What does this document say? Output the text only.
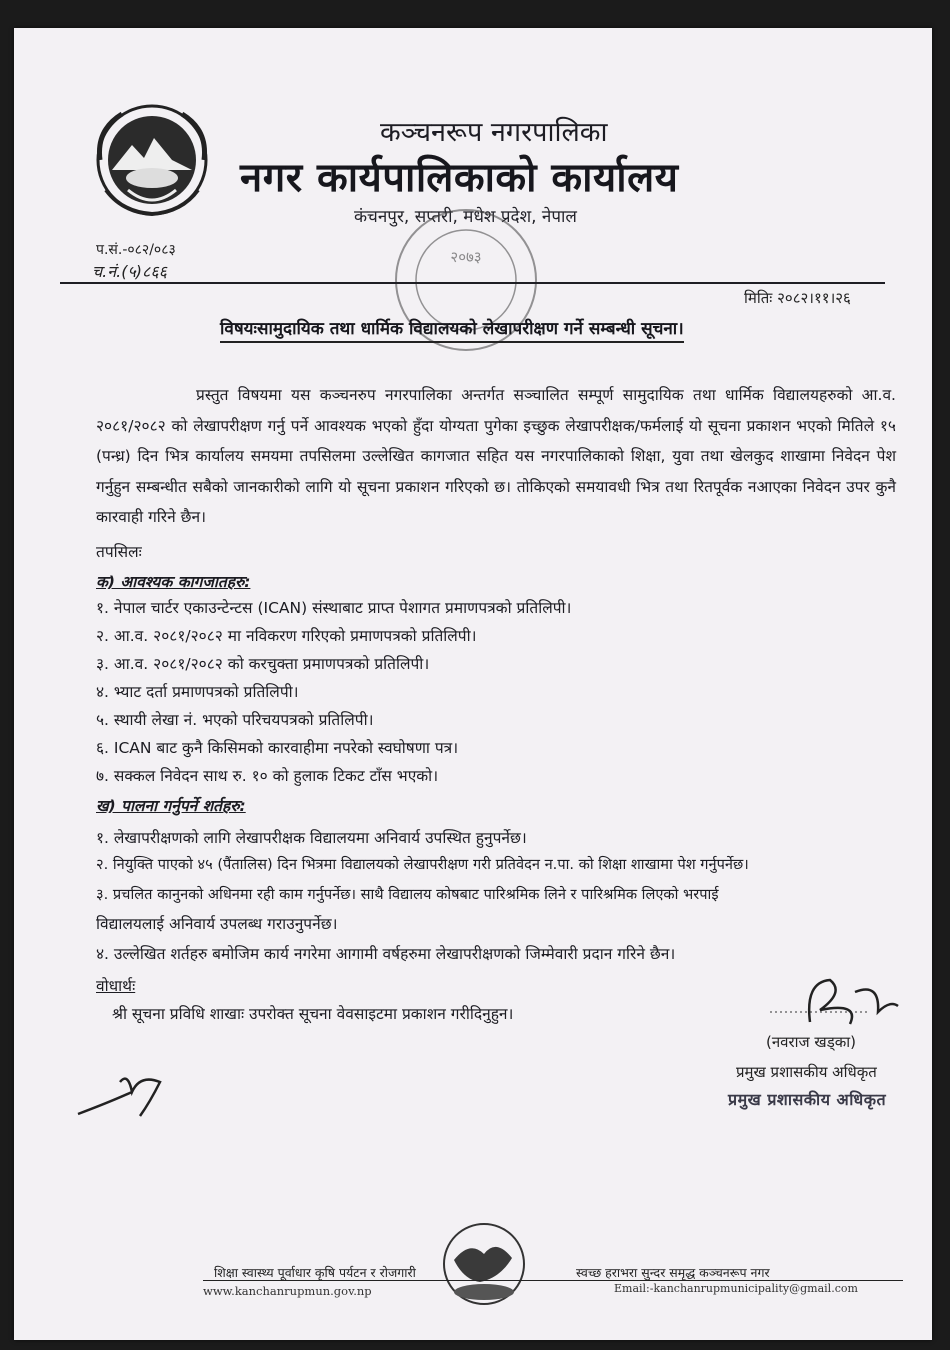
कञ्चनरूप नगरपालिका
नगर कार्यपालिकाको कार्यालय
कंचनपुर, सप्तरी, मधेश प्रदेश, नेपाल
२०७३
प.सं.-०८२/०८३
च.नं.(५)८६६
मितिः २०८२।११।२६
विषयःसामुदायिक तथा धार्मिक विद्यालयको लेखापरीक्षण गर्ने सम्बन्धी सूचना।

प्रस्तुत विषयमा यस कञ्चनरुप नगरपालिका अन्तर्गत सञ्चालित सम्पूर्ण सामुदायिक तथा धार्मिक विद्यालयहरुको आ.व. २०८१/२०८२ को लेखापरीक्षण गर्नु पर्ने आवश्यक भएको हुँदा योग्यता पुगेका इच्छुक लेखापरीक्षक/फर्मलाई यो सूचना प्रकाशन भएको मितिले १५ (पन्ध्र) दिन भित्र कार्यालय समयमा तपसिलमा उल्लेखित कागजात सहित यस नगरपालिकाको शिक्षा, युवा तथा खेलकुद शाखामा निवेदन पेश गर्नुहुन सम्बन्धीत सबैको जानकारीको लागि यो सूचना प्रकाशन गरिएको छ। तोकिएको समयावधी भित्र तथा रितपूर्वक नआएका निवेदन उपर कुनै कारवाही गरिने छैन।

तपसिलः
क) आवश्यक कागजातहरु:
१. नेपाल चार्टर एकाउन्टेन्टस (ICAN) संस्थाबाट प्राप्त पेशागत प्रमाणपत्रको प्रतिलिपी।
२. आ.व. २०८१/२०८२ मा नविकरण गरिएको प्रमाणपत्रको प्रतिलिपी।
३. आ.व. २०८१/२०८२ को करचुक्ता प्रमाणपत्रको प्रतिलिपी।
४. भ्याट दर्ता प्रमाणपत्रको प्रतिलिपी।
५. स्थायी लेखा नं. भएको परिचयपत्रको प्रतिलिपी।
६. ICAN बाट कुनै किसिमको कारवाहीमा नपरेको स्वघोषणा पत्र।
७. सक्कल निवेदन साथ रु. १० को हुलाक टिकट टाँस भएको।
ख) पालना गर्नुपर्ने शर्तहरु:
१. लेखापरीक्षणको लागि लेखापरीक्षक विद्यालयमा अनिवार्य उपस्थित हुनुपर्नेछ।
२. नियुक्ति पाएको ४५ (पैंतालिस) दिन भित्रमा विद्यालयको लेखापरीक्षण गरी प्रतिवेदन न.पा. को शिक्षा शाखामा पेश गर्नुपर्नेछ।
३. प्रचलित कानुनको अधिनमा रही काम गर्नुपर्नेछ। साथै विद्यालय कोषबाट पारिश्रमिक लिने र पारिश्रमिक लिएको भरपाई
विद्यालयलाई अनिवार्य उपलब्ध गराउनुपर्नेछ।
४. उल्लेखित शर्तहरु बमोजिम कार्य नगरेमा आगामी वर्षहरुमा लेखापरीक्षणको जिम्मेवारी प्रदान गरिने छैन।
वोधार्थः
श्री सूचना प्रविधि शाखाः उपरोक्त सूचना वेवसाइटमा प्रकाशन गरीदिनुहुन।
(नवराज खड्का)
प्रमुख प्रशासकीय अधिकृत
प्रमुख प्रशासकीय अधिकृत
शिक्षा स्वास्थ्य पूर्वाधार कृषि पर्यटन र रोजगारी	स्वच्छ हराभरा सुन्दर समृद्ध कञ्चनरूप नगर
www.kanchanrupmun.gov.np	Email:-kanchanrupmunicipality@gmail.com
